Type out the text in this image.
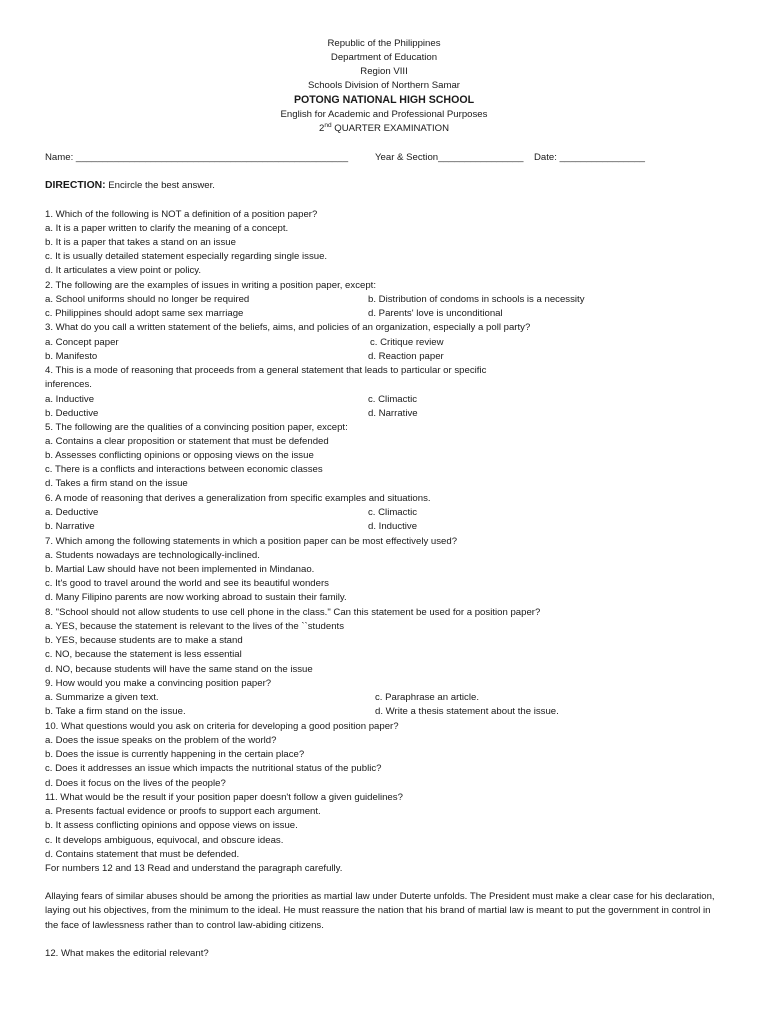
Republic of the Philippines
Department of Education
Region VIII
Schools Division of Northern Samar
POTONG NATIONAL HIGH SCHOOL
English for Academic and Professional Purposes
2nd QUARTER EXAMINATION
Name: ___________________________________________________	Year & Section________________ Date: ________________
DIRECTION: Encircle the best answer.
1. Which of the following is NOT a definition of a position paper?
a. It is a paper written to clarify the meaning of a concept.
b. It is a paper that takes a stand on an issue
c. It is usually detailed statement especially regarding single issue.
d. It articulates a view point or policy.
2. The following are the examples of issues in writing a position paper, except:
a. School uniforms should no longer be required	b. Distribution of condoms in schools is a necessity
c. Philippines should adopt same sex marriage	d. Parents' love is unconditional
3. What do you call a written statement of the beliefs, aims, and policies of an organization, especially a poll party?
a. Concept paper	c. Critique review
b. Manifesto	d. Reaction paper
4. This is a mode of reasoning that proceeds from a general statement that leads to particular or specific
inferences.
a. Inductive	c. Climactic
b. Deductive	d. Narrative
5. The following are the qualities of a convincing position paper, except:
a. Contains a clear proposition or statement that must be defended
b. Assesses conflicting opinions or opposing views on the issue
c. There is a conflicts and interactions between economic classes
d. Takes a firm stand on the issue
6. A mode of reasoning that derives a generalization from specific examples and situations.
a. Deductive	c. Climactic
b. Narrative	d. Inductive
7. Which among the following statements in which a position paper can be most effectively used?
a. Students nowadays are technologically-inclined.
b. Martial Law should have not been implemented in Mindanao.
c. It's good to travel around the world and see its beautiful wonders
d. Many Filipino parents are now working abroad to sustain their family.
8. "School should not allow students to use cell phone in the class." Can this statement be used for a position paper?
a. YES, because the statement is relevant to the lives of the ``students
b. YES, because students are to make a stand
c. NO, because the statement is less essential
d. NO, because students will have the same stand on the issue
9. How would you make a convincing position paper?
a. Summarize a given text.	c. Paraphrase an article.
b. Take a firm stand on the issue.	d. Write a thesis statement about the issue.
10. What questions would you ask on criteria for developing a good position paper?
a. Does the issue speaks on the problem of the world?
b. Does the issue is currently happening in the certain place?
c. Does it addresses an issue which impacts the nutritional status of the public?
d. Does it focus on the lives of the people?
11. What would be the result if your position paper doesn't follow a given guidelines?
a. Presents factual evidence or proofs to support each argument.
b. It assess conflicting opinions and oppose views on issue.
c. It develops ambiguous, equivocal, and obscure ideas.
d. Contains statement that must be defended.
For numbers 12 and 13 Read and understand the paragraph carefully.
Allaying fears of similar abuses should be among the priorities as martial law under Duterte unfolds. The President must make a clear case for his declaration, laying out his objectives, from the minimum to the ideal. He must reassure the nation that his brand of martial law is meant to put the government in control in the face of lawlessness rather than to control law-abiding citizens.
12. What makes the editorial relevant?
